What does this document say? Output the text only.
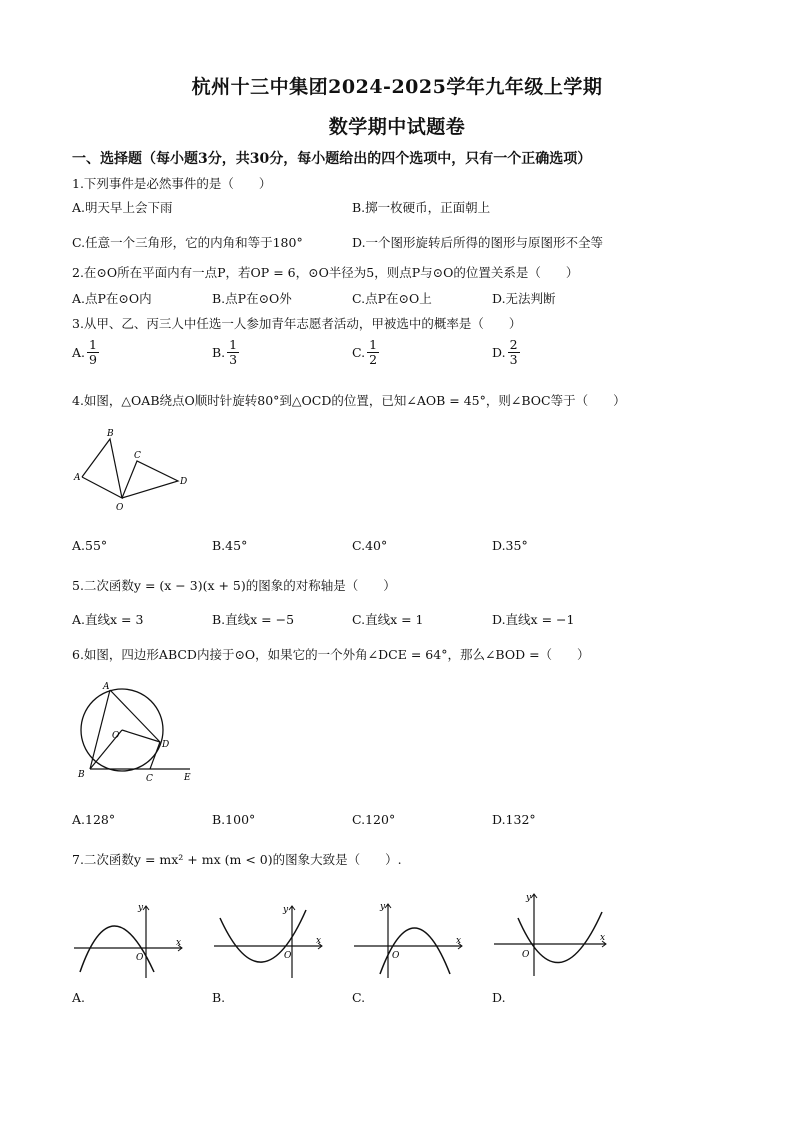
杭州十三中集团2024-2025学年九年级上学期
数学期中试题卷
一、选择题（每小题3分，共30分，每小题给出的四个选项中，只有一个正确选项）
1.下列事件是必然事件的是（　　）
A.明天早上会下雨	B.掷一枚硬币，正面朝上
C.任意一个三角形，它的内角和等于180°	D.一个图形旋转后所得的图形与原图形不全等
2.在⊙O所在平面内有一点P，若OP = 6，⊙O半径为5，则点P与⊙O的位置关系是（　　）
A.点P在⊙O内	B.点P在⊙O外	C.点P在⊙O上	D.无法判断
3.从甲、乙、丙三人中任选一人参加青年志愿者活动，甲被选中的概率是（　　）
A. $\frac{1}{9}$	B. $\frac{1}{3}$	C. $\frac{1}{2}$	D. $\frac{2}{3}$
4.如图，△OAB绕点O顺时针旋转80°到△OCD的位置，已知∠AOB = 45°，则∠BOC等于（　　）
B
A
C
D
O
A.55°	B.45°	C.40°	D.35°
5.二次函数y = (x − 3)(x + 5)的图象的对称轴是（　　）
A.直线x = 3	B.直线x = −5	C.直线x = 1	D.直线x = −1
6.如图，四边形ABCD内接于⊙O，如果它的一个外角∠DCE = 64°，那么∠BOD =（　　）
A
O
D
B	C	E
A.128°	B.100°	C.120°	D.132°
7.二次函数y = mx² + mx (m < 0)的图象大致是（　　）.
y
x
O
A.
y
x
O
B.
y
x
O
C.
y
x
O
D.
